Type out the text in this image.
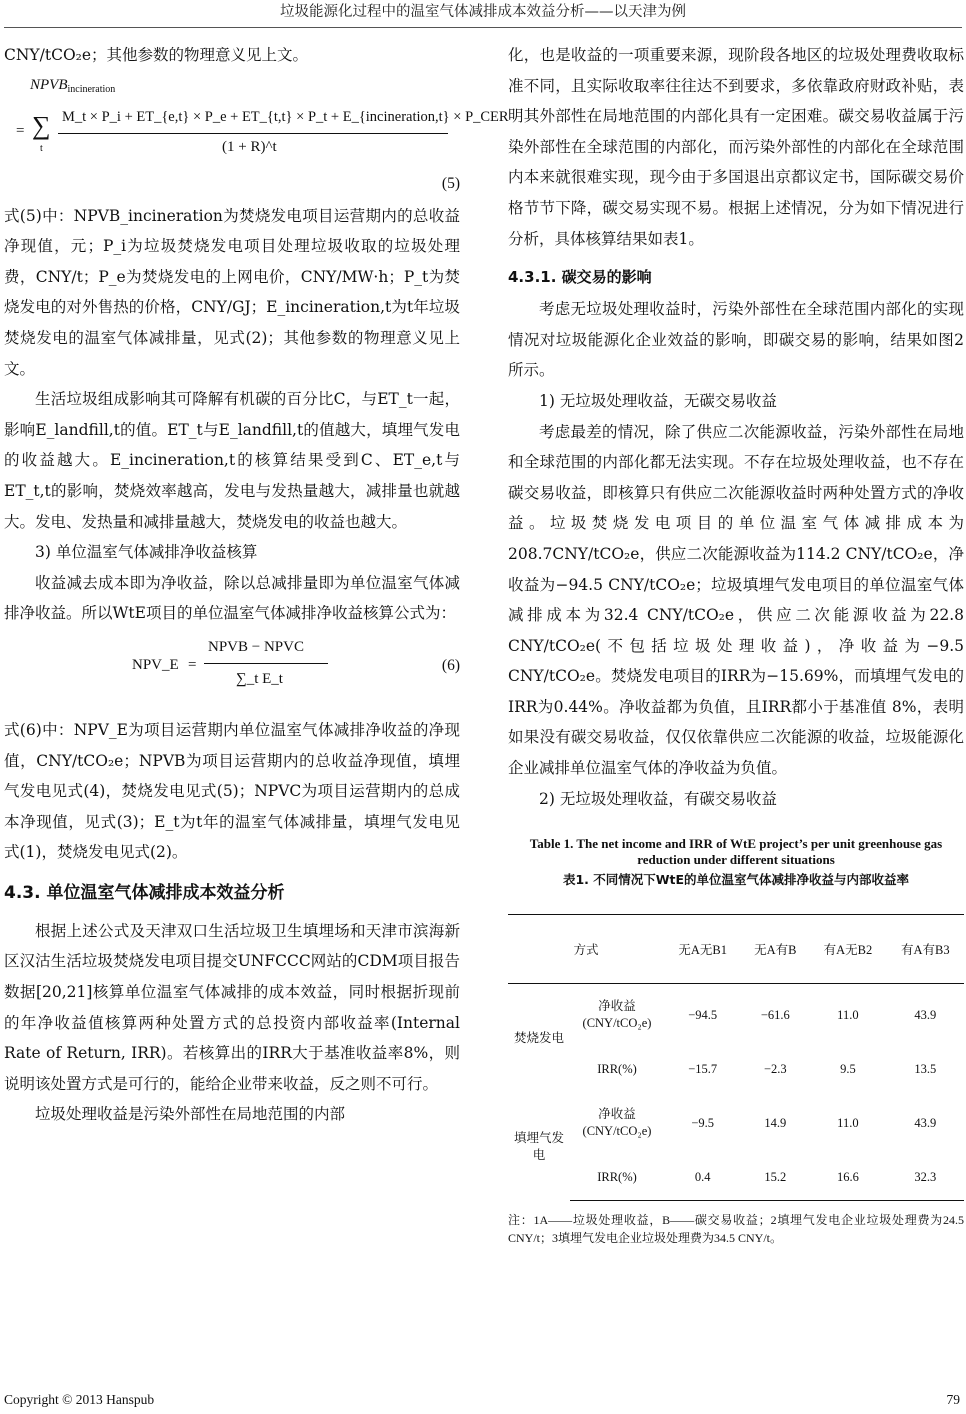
垃圾能源化过程中的温室气体减排成本效益分析——以天津为例

CNY/tCO₂e；其他参数的物理意义见上文。

$NPVB_{incineration}$
= ∑
t
M_t × P_i + ET_{e,t} × P_e + ET_{t,t} × P_t + E_{incineration,t} × P_CER
(1 + R)^t
(5)

式(5)中：NPVB_incineration为焚烧发电项目运营期内的总收益净现值，元；P_i为垃圾焚烧发电项目处理垃圾收取的垃圾处理费，CNY/t；P_e为焚烧发电的上网电价，CNY/MW·h；P_t为焚烧发电的对外售热的价格，CNY/GJ；E_incineration,t为t年垃圾焚烧发电的温室气体减排量，见式(2)；其他参数的物理意义见上文。

生活垃圾组成影响其可降解有机碳的百分比C，与ET_t一起，影响E_landfill,t的值。ET_t与E_landfill,t的值越大，填埋气发电的收益越大。E_incineration,t的核算结果受到C、ET_e,t与ET_t,t的影响，焚烧效率越高，发电与发热量越大，减排量也就越大。发电、发热量和减排量越大，焚烧发电的收益也越大。

3) 单位温室气体减排净收益核算

收益减去成本即为净收益，除以总减排量即为单位温室气体减排净收益。所以WtE项目的单位温室气体减排净收益核算公式为：

NPV_E =
NPVB − NPVC
∑_t E_t
(6)

式(6)中：NPV_E为项目运营期内单位温室气体减排净收益的净现值，CNY/tCO₂e；NPVB为项目运营期内的总收益净现值，填埋气发电见式(4)，焚烧发电见式(5)；NPVC为项目运营期内的总成本净现值，见式(3)；E_t为t年的温室气体减排量，填埋气发电见式(1)，焚烧发电见式(2)。

4.3. 单位温室气体减排成本效益分析

根据上述公式及天津双口生活垃圾卫生填埋场和天津市滨海新区汉沽生活垃圾焚烧发电项目提交UNFCCC网站的CDM项目报告数据[20,21]核算单位温室气体减排的成本效益，同时根据折现前的年净收益值核算两种处置方式的总投资内部收益率(Internal Rate of Return, IRR)。若核算出的IRR大于基准收益率8%，则说明该处置方式是可行的，能给企业带来收益，反之则不可行。

垃圾处理收益是污染外部性在局地范围的内部

化，也是收益的一项重要来源，现阶段各地区的垃圾处理费收取标准不同，且实际收取率往往达不到要求，多依靠政府财政补贴，表明其外部性在局地范围的内部化具有一定困难。碳交易收益属于污染外部性在全球范围的内部化，而污染外部性的内部化在全球范围内本来就很难实现，现今由于多国退出京都议定书，国际碳交易价格节节下降，碳交易实现不易。根据上述情况，分为如下情况进行分析，具体核算结果如表1。

4.3.1. 碳交易的影响

考虑无垃圾处理收益时，污染外部性在全球范围内部化的实现情况对垃圾能源化企业效益的影响，即碳交易的影响，结果如图2所示。

1) 无垃圾处理收益，无碳交易收益

考虑最差的情况，除了供应二次能源收益，污染外部性在局地和全球范围的内部化都无法实现。不存在垃圾处理收益，也不存在碳交易收益，即核算只有供应二次能源收益时两种处置方式的净收益。垃圾焚烧发电项目的单位温室气体减排成本为 208.7CNY/tCO₂e，供应二次能源收益为114.2 CNY/tCO₂e，净收益为−94.5 CNY/tCO₂e；垃圾填埋气发电项目的单位温室气体减排成本为32.4 CNY/tCO₂e，供应二次能源收益为22.8 CNY/tCO₂e(不包括垃圾处理收益)，净收益为−9.5 CNY/tCO₂e。焚烧发电项目的IRR为−15.69%，而填埋气发电的IRR为0.44%。净收益都为负值，且IRR都小于基准值 8%，表明如果没有碳交易收益，仅仅依靠供应二次能源的收益，垃圾能源化企业减排单位温室气体的净收益为负值。

2) 无垃圾处理收益，有碳交易收益

Table 1. The net income and IRR of WtE project’s per unit greenhouse gas reduction under different situations
表1. 不同情况下WtE的单位温室气体减排净收益与内部收益率
方式		无A无B1	无A有B	有A无B2	有A有B3
焚烧发电	净收益(CNY/tCO₂e)	−94.5	−61.6	11.0	43.9
	IRR(%)	−15.7	−2.3	9.5	13.5
填埋气发电	净收益(CNY/tCO₂e)	−9.5	14.9	11.0	43.9
	IRR(%)	0.4	15.2	16.6	32.3
注：1A——垃圾处理收益，B——碳交易收益；2填埋气发电企业垃圾处理费为24.5 CNY/t；3填埋气发电企业垃圾处理费为34.5 CNY/t。
Copyright © 2013 Hanspub	79
